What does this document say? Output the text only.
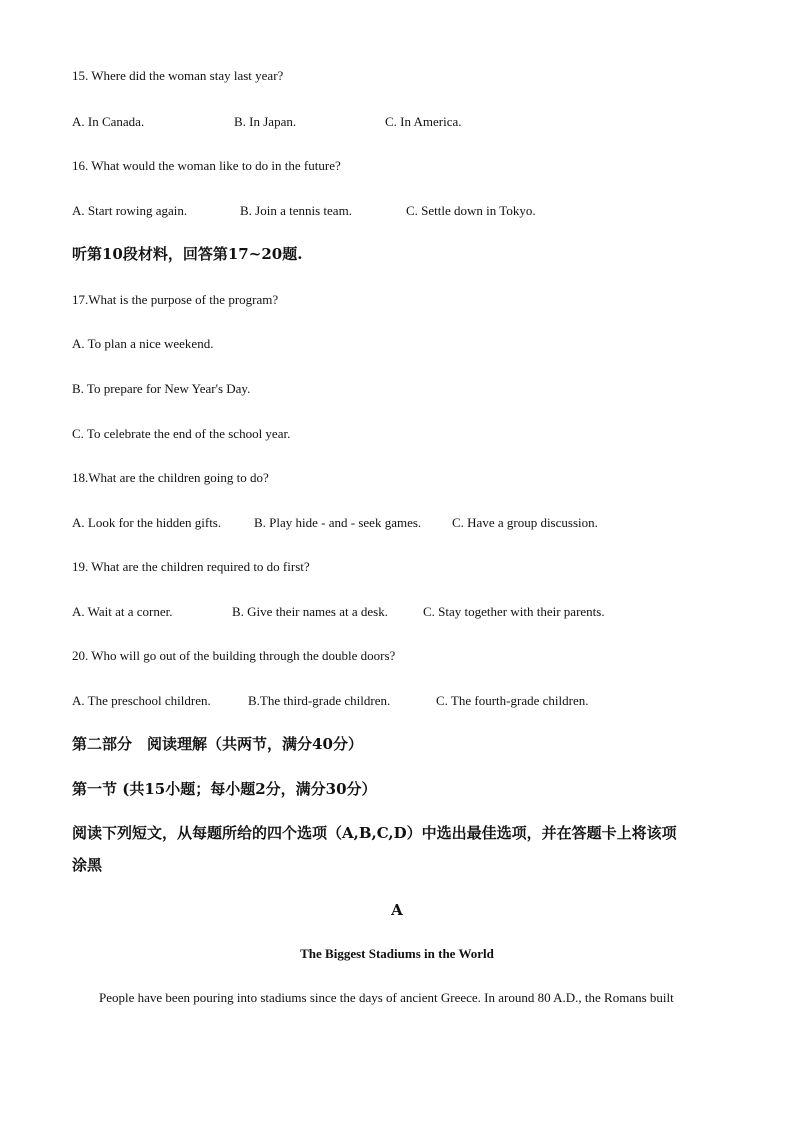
15. Where did the woman stay last year?
A. In Canada.	B. In Japan.	C. In America.
16. What would the woman like to do in the future?
A. Start rowing again.	B. Join a tennis team.	C. Settle down in Tokyo.
听第10段材料，回答第17~20题.
17.What is the purpose of the program?
A. To plan a nice weekend.
B. To prepare for New Year's Day.
C. To celebrate the end of the school year.
18.What are the children going to do?
A. Look for the hidden gifts.	B. Play hide - and - seek games. C. Have a group discussion.
19. What are the children required to do first?
A. Wait at a corner.	B. Give their names at a desk.	C. Stay together with their parents.
20. Who will go out of the building through the double doors?
A. The preschool children.	B.The third-grade children.	C. The fourth-grade children.
第二部分　阅读理解（共两节，满分40分）
第一节 (共15小题；每小题2分，满分30分）
阅读下列短文，从每题所给的四个选项（A,B,C,D）中选出最佳选项，并在答题卡上将该项
涂黑
A
The Biggest Stadiums in the World
People have been pouring into stadiums since the days of ancient Greece. In around 80 A.D., the Romans built
